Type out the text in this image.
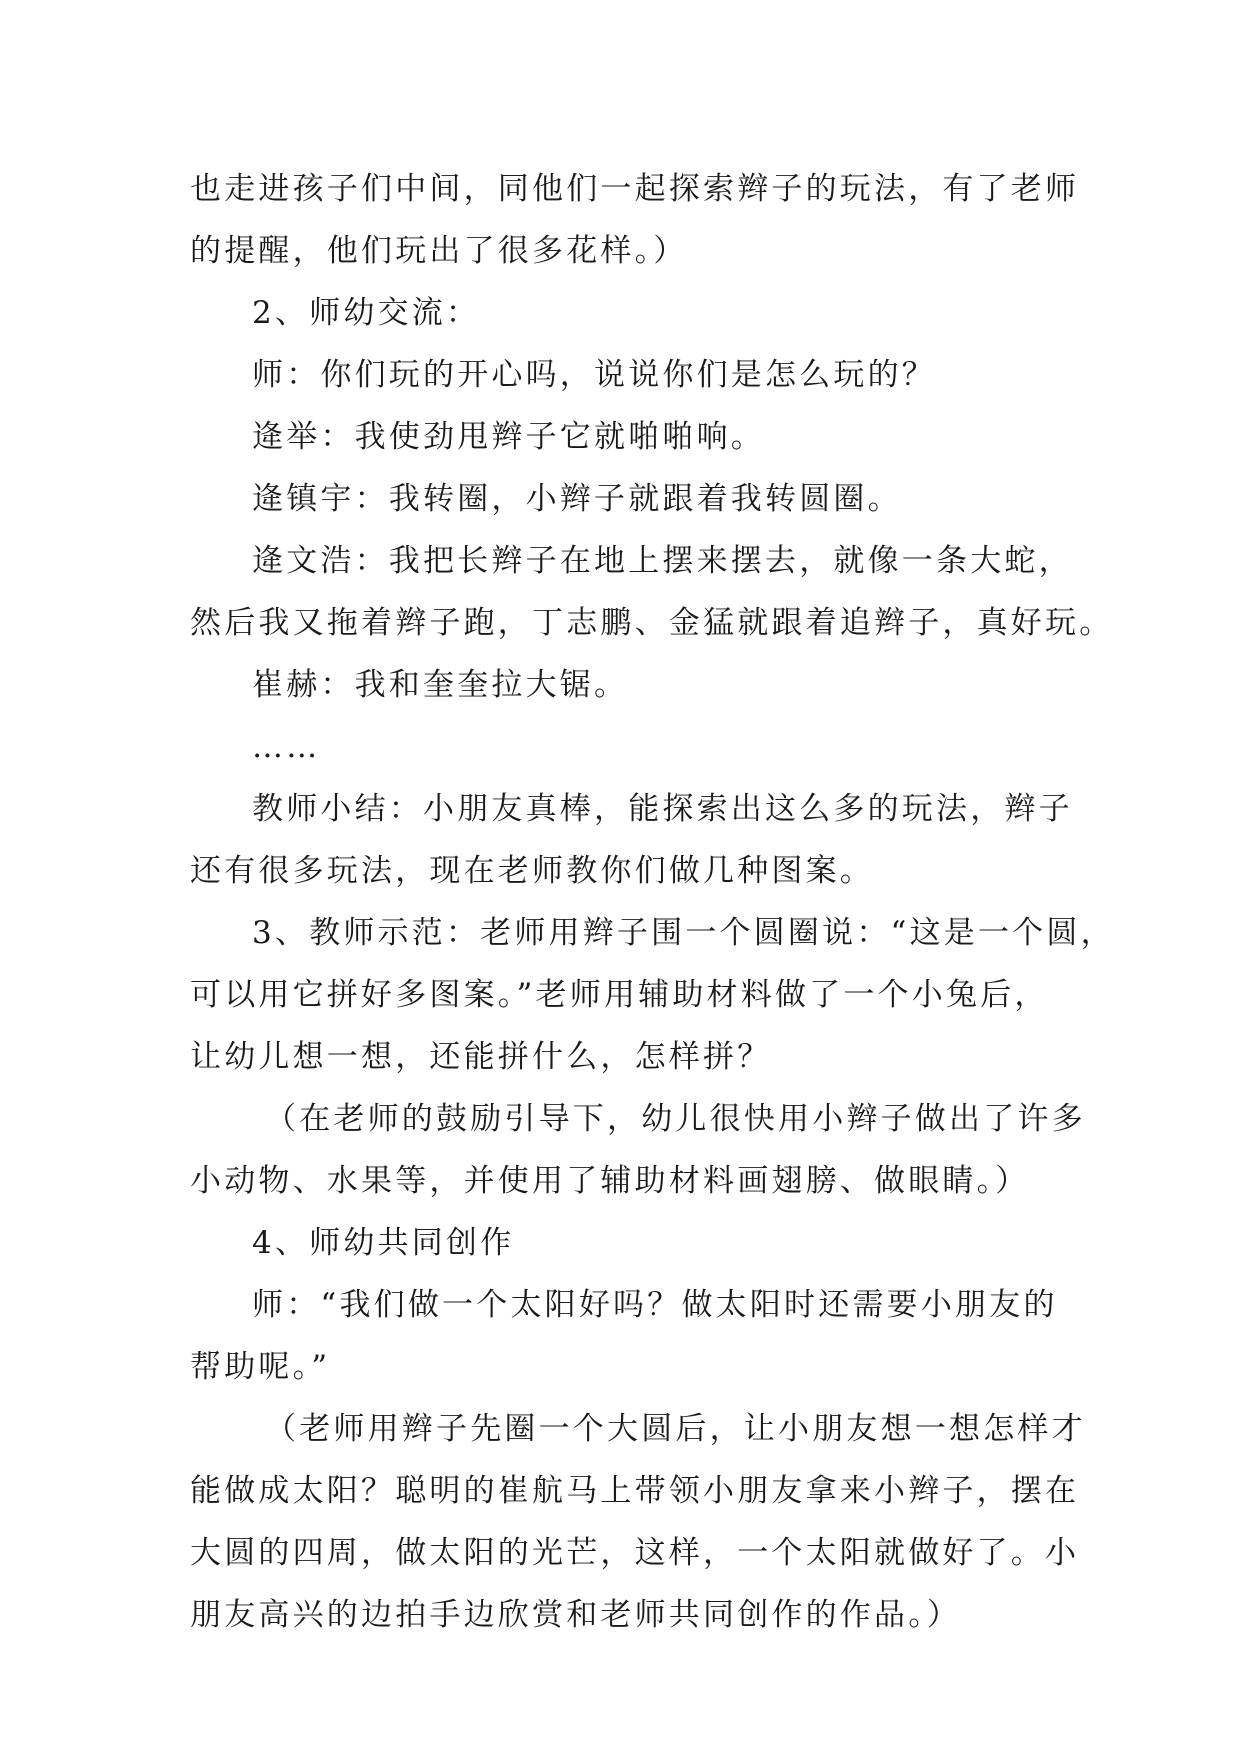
也走进孩子们中间，同他们一起探索辫子的玩法，有了老师
的提醒，他们玩出了很多花样。）
2、师幼交流：
师：你们玩的开心吗，说说你们是怎么玩的？
逄举：我使劲甩辫子它就啪啪响。
逄镇宇：我转圈，小辫子就跟着我转圆圈。
逄文浩：我把长辫子在地上摆来摆去，就像一条大蛇，
然后我又拖着辫子跑，丁志鹏、金猛就跟着追辫子，真好玩。
崔赫：我和奎奎拉大锯。
……
教师小结：小朋友真棒，能探索出这么多的玩法，辫子
还有很多玩法，现在老师教你们做几种图案。
3、教师示范：老师用辫子围一个圆圈说：“这是一个圆，
可以用它拼好多图案。”老师用辅助材料做了一个小兔后，
让幼儿想一想，还能拼什么，怎样拼？
（在老师的鼓励引导下，幼儿很快用小辫子做出了许多
小动物、水果等，并使用了辅助材料画翅膀、做眼睛。）
4、师幼共同创作
师：“我们做一个太阳好吗？做太阳时还需要小朋友的
帮助呢。”
（老师用辫子先圈一个大圆后，让小朋友想一想怎样才
能做成太阳？聪明的崔航马上带领小朋友拿来小辫子，摆在
大圆的四周，做太阳的光芒，这样，一个太阳就做好了。小
朋友高兴的边拍手边欣赏和老师共同创作的作品。）
